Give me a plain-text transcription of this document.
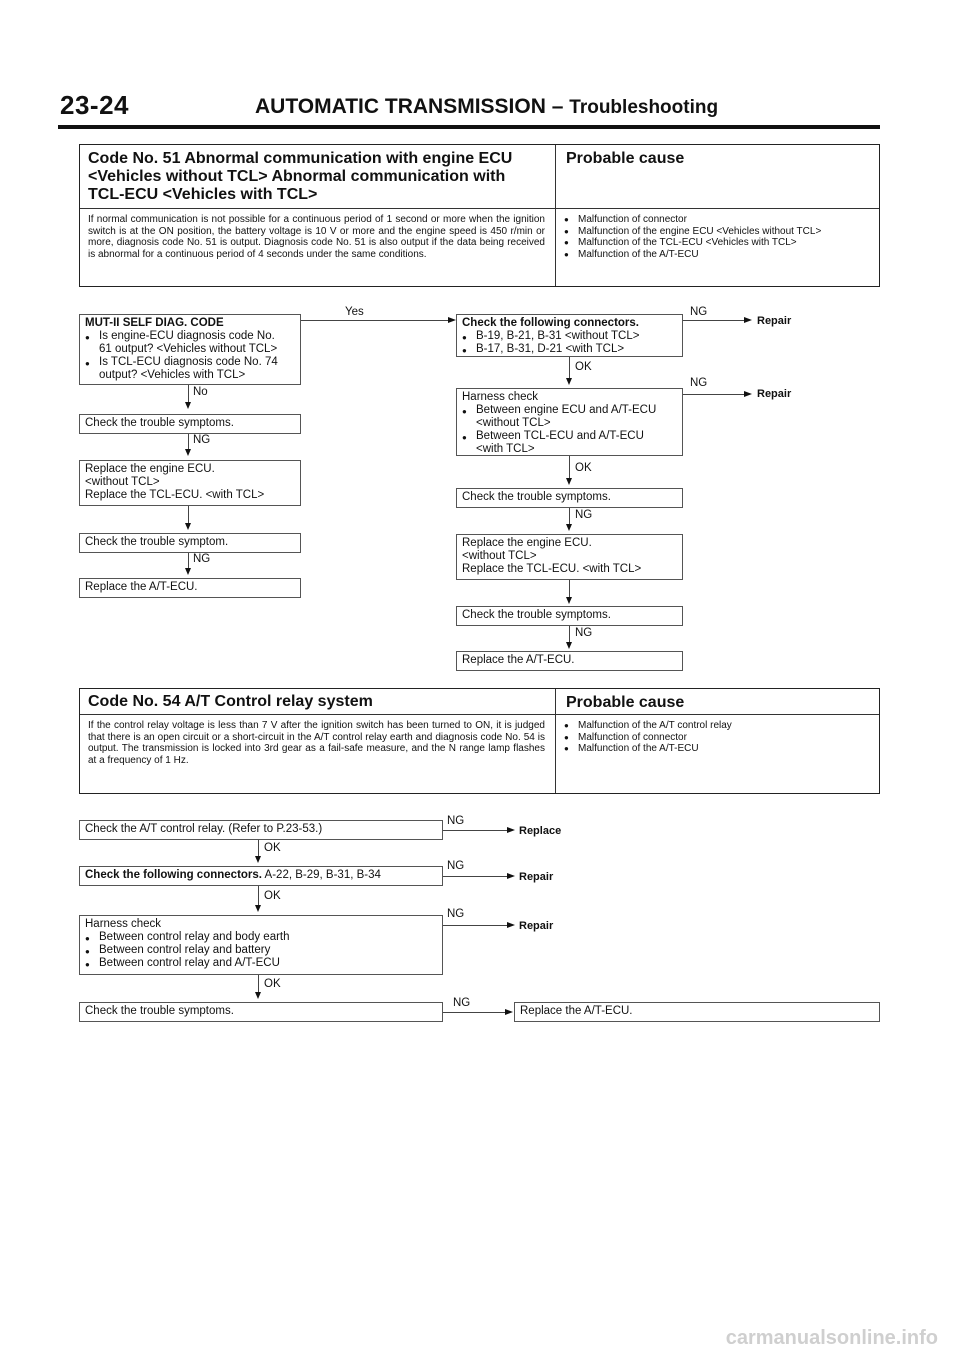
23-24	AUTOMATIC TRANSMISSION – Troubleshooting
Code No. 51 Abnormal communication with engine ECU
<Vehicles without TCL> Abnormal communication with
TCL-ECU <Vehicles with TCL>
Probable cause
If normal communication is not possible for a continuous period of 1 second or more when the ignition switch is at the ON position, the battery voltage is 10 V or more and the engine speed is 450 r/min or more, diagnosis code No. 51 is output. Diagnosis code No. 51 is also output if the data being received is abnormal for a continuous period of 4 seconds under the same conditions.
● Malfunction of connector
● Malfunction of the engine ECU <Vehicles without TCL>
● Malfunction of the TCL-ECU <Vehicles with TCL>
● Malfunction of the A/T-ECU
MUT-II SELF DIAG. CODE
● Is engine-ECU diagnosis code No.
61 output? <Vehicles without TCL>
● Is TCL-ECU diagnosis code No. 74
output? <Vehicles with TCL>
Yes
No
Check the trouble symptoms.
NG
Replace the engine ECU.
<without TCL>
Replace the TCL-ECU. <with TCL>
Check the trouble symptom.
NG
Replace the A/T-ECU.
Check the following connectors.
● B-19, B-21, B-31 <without TCL>
● B-17, B-31, D-21 <with TCL>
NG
Repair
OK
Harness check
● Between engine ECU and A/T-ECU
<without TCL>
● Between TCL-ECU and A/T-ECU
<with TCL>
NG
Repair
OK
Check the trouble symptoms.
NG
Replace the engine ECU.
<without TCL>
Replace the TCL-ECU. <with TCL>
Check the trouble symptoms.
NG
Replace the A/T-ECU.
Code No. 54 A/T Control relay system	Probable cause
If the control relay voltage is less than 7 V after the ignition switch has been turned to ON, it is judged that there is an open circuit or a short-circuit in the A/T control relay earth and diagnosis code No. 54 is output. The transmission is locked into 3rd gear as a fail-safe measure, and the N range lamp flashes at a frequency of 1 Hz.
● Malfunction of the A/T control relay
● Malfunction of connector
● Malfunction of the A/T-ECU
Check the A/T control relay. (Refer to P.23-53.)
NG
Replace
OK
Check the following connectors. A-22, B-29, B-31, B-34
NG
Repair
OK
Harness check
● Between control relay and body earth
● Between control relay and battery
● Between control relay and A/T-ECU
NG
Repair
OK
Check the trouble symptoms.
NG
Replace the A/T-ECU.
carmanualsonline.info
